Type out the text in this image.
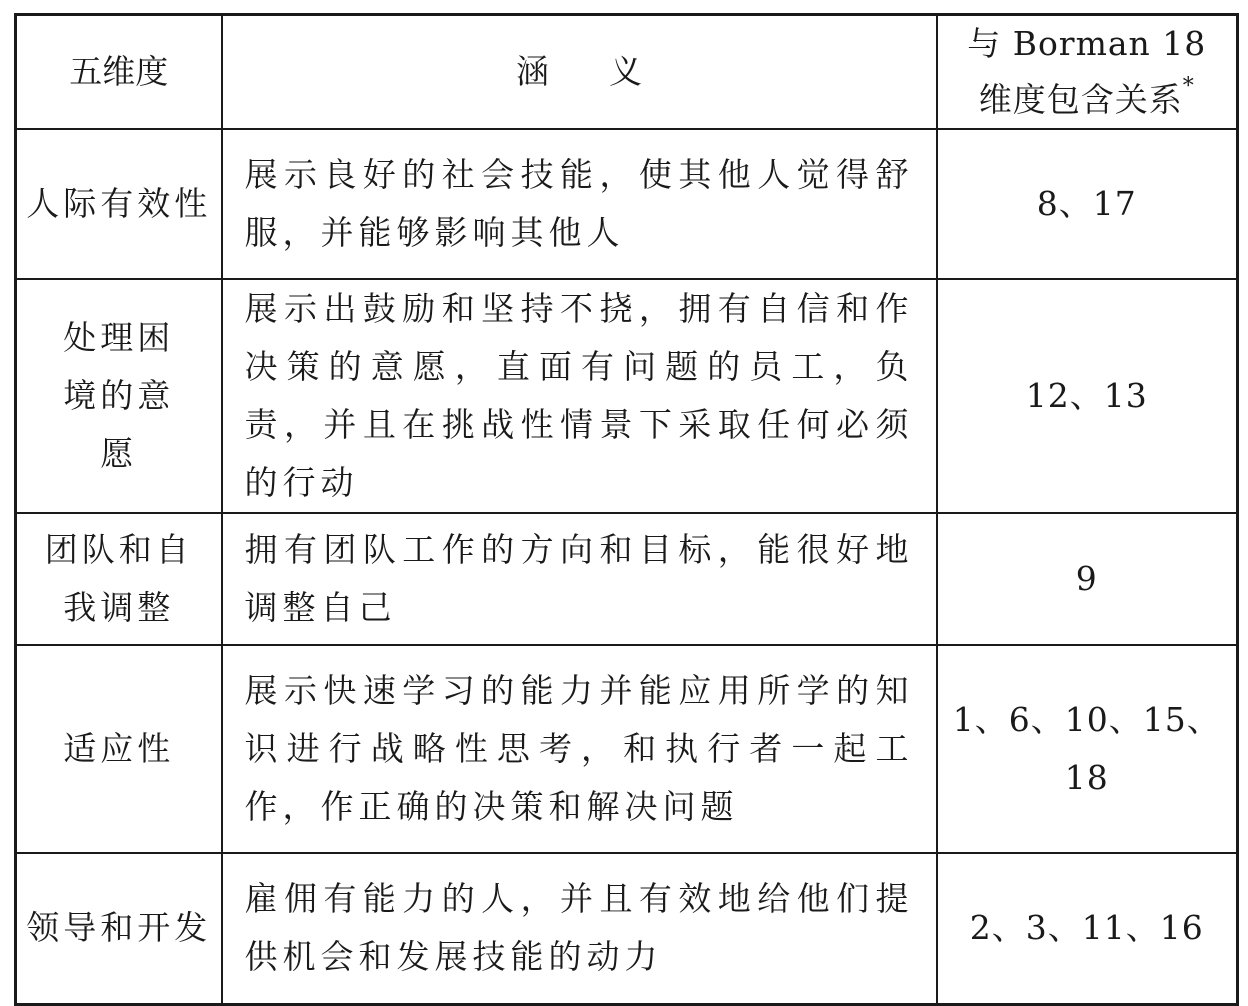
五维度	涵义	与 Borman 18
维度包含关系*

人际有效性	展示良好的社会技能，使其他人觉得舒服，并能够影响其他人	8、17
处理困境的意愿	展示出鼓励和坚持不挠，拥有自信和作决策的意愿，直面有问题的员工，负责，并且在挑战性情景下采取任何必须的行动	12、13
团队和自我调整	拥有团队工作的方向和目标，能很好地调整自己	9
适应性	展示快速学习的能力并能应用所学的知识进行战略性思考，和执行者一起工作，作正确的决策和解决问题	1、6、10、15、18
领导和开发	雇佣有能力的人，并且有效地给他们提供机会和发展技能的动力	2、3、11、16
